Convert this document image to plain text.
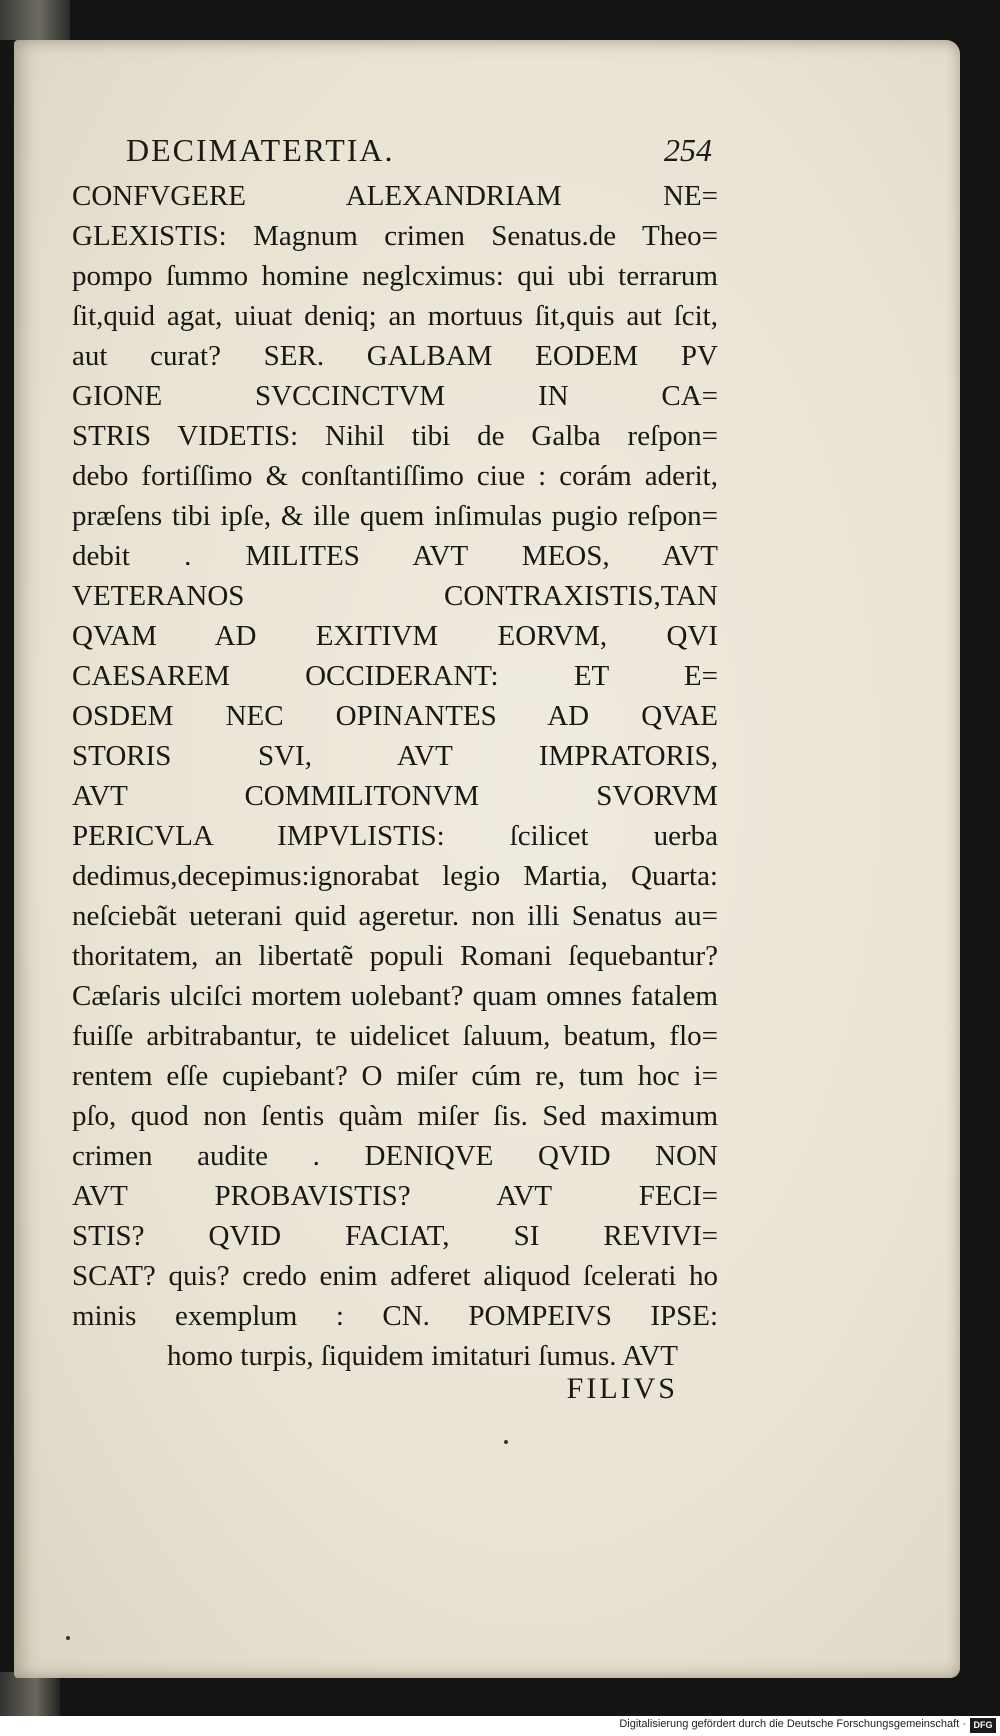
DECIMATERTIA.	254
CONFVGERE ALEXANDRIAM NE=
GLEXISTIS: Magnum crimen Senatus.de Theo=
pompo ſummo homine neglcximus: qui ubi terrarum
ſit,quid agat, uiuat deniq; an mortuus ſit,quis aut ſcit,
aut curat? SER. GALBAM EODEM PV
GIONE SVCCINCTVM IN CA=
STRIS VIDETIS: Nihil tibi de Galba reſpon=
debo fortiſſimo & conſtantiſſimo ciue : corám aderit,
præſens tibi ipſe, & ille quem inſimulas pugio reſpon=
debit . MILITES AVT MEOS, AVT
VETERANOS CONTRAXISTIS,TAN
QVAM AD EXITIVM EORVM, QVI
CAESAREM OCCIDERANT: ET E=
OSDEM NEC OPINANTES AD QVAE
STORIS SVI, AVT IMPRATORIS,
AVT COMMILITONVM SVORVM
PERICVLA IMPVLISTIS: ſcilicet uerba
dedimus,decepimus:ignorabat legio Martia, Quarta:
neſciebãt ueterani quid ageretur. non illi Senatus au=
thoritatem, an libertatẽ populi Romani ſequebantur?
Cæſaris ulciſci mortem uolebant? quam omnes fatalem
fuiſſe arbitrabantur, te uidelicet ſaluum, beatum, flo=
rentem eſſe cupiebant? O miſer cúm re, tum hoc i=
pſo, quod non ſentis quàm miſer ſis. Sed maximum
crimen audite . DENIQVE QVID NON
AVT PROBAVISTIS? AVT FECI=
STIS? QVID FACIAT, SI REVIVI=
SCAT? quis? credo enim adferet aliquod ſcelerati ho
minis exemplum : CN. POMPEIVS IPSE:
homo turpis, ſiquidem imitaturi ſumus. AVT
FILIVS
Digitalisierung gefördert durch die Deutsche Forschungsgemeinschaft · DFG
